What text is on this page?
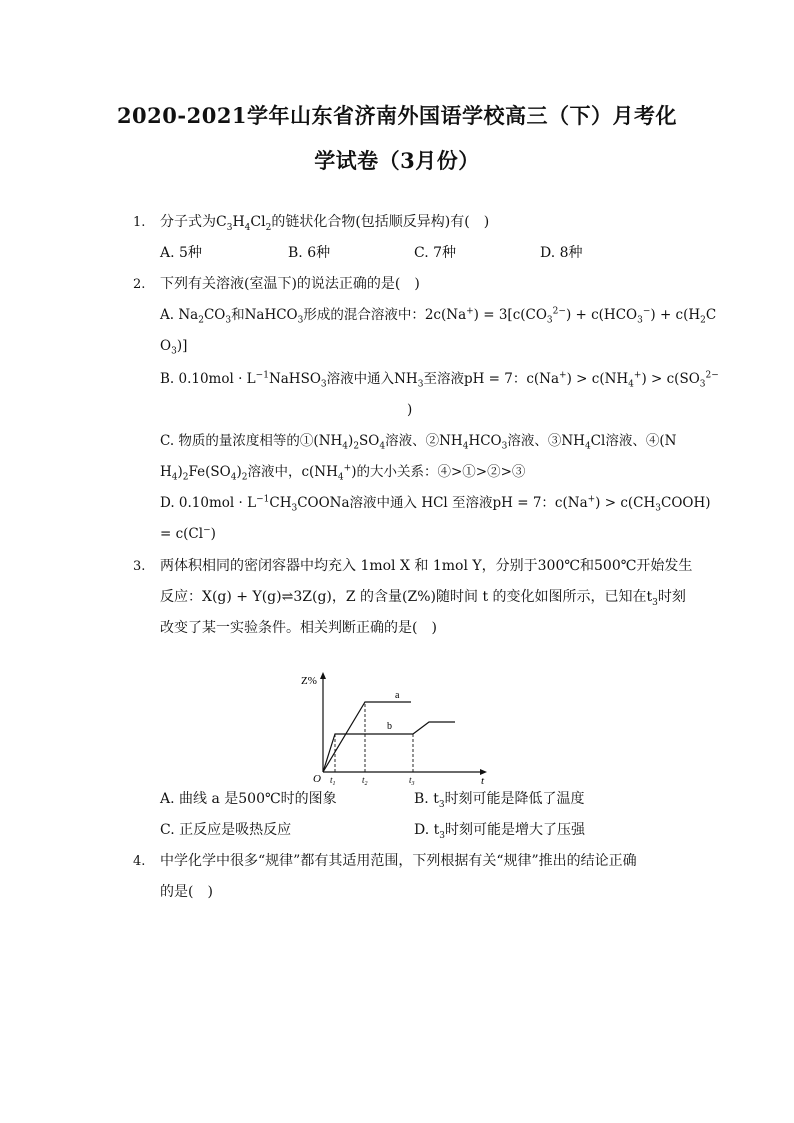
2020-2021学年山东省济南外国语学校高三（下）月考化
学试卷（3月份）
1.	分子式为$C_3H_4Cl_2$的链状化合物(包括顺反异构)有(　)
A. 5种	B. 6种	C. 7种	D. 8种
2.	下列有关溶液(室温下)的说法正确的是(　)
A. $Na_2CO_3$和NaHCO$_3$形成的混合溶液中：$2c(Na^+) = 3[c(CO_3^{2-}) + c(HCO_3^-) + c(H_2C$
$O_3$)]
B. $0.10mol \cdot L^{-1}NaHSO_3$溶液中通入$NH_3$至溶液pH = 7：$c(Na^+) > c(NH_4^+) > c(SO_3^{2-}$
)
C. 物质的量浓度相等的$①(NH_4)_2SO_4$溶液、$②NH_4HCO_3$溶液、$③NH_4Cl$溶液、④(N
$H_4)_2Fe(SO_4)_2$溶液中，$c(NH_4^+)$的大小关系：④>①>②>③
D. $0.10mol \cdot L^{-1}CH_3COONa$溶液中通入 HCl 至溶液pH = 7：$c(Na^+) > c(CH_3COOH)$
= c(Cl−)
3.	两体积相同的密闭容器中均充入 1mol X 和 1mol Y，分别于300℃和500℃开始发生
反应：X(g) + Y(g)⇌3Z(g)，Z 的含量(Z%)随时间 t 的变化如图所示，已知在$t_3$时刻
改变了某一实验条件。相关判断正确的是(　)
Z%
O	t
$t_1$	$t_2$	$t_3$
a
b
A. 曲线 a 是500℃时的图象	B. $t_3$时刻可能是降低了温度
C. 正反应是吸热反应	D. $t_3$时刻可能是增大了压强
4.	中学化学中很多“规律”都有其适用范围，下列根据有关“规律”推出的结论正确
的是(　)
